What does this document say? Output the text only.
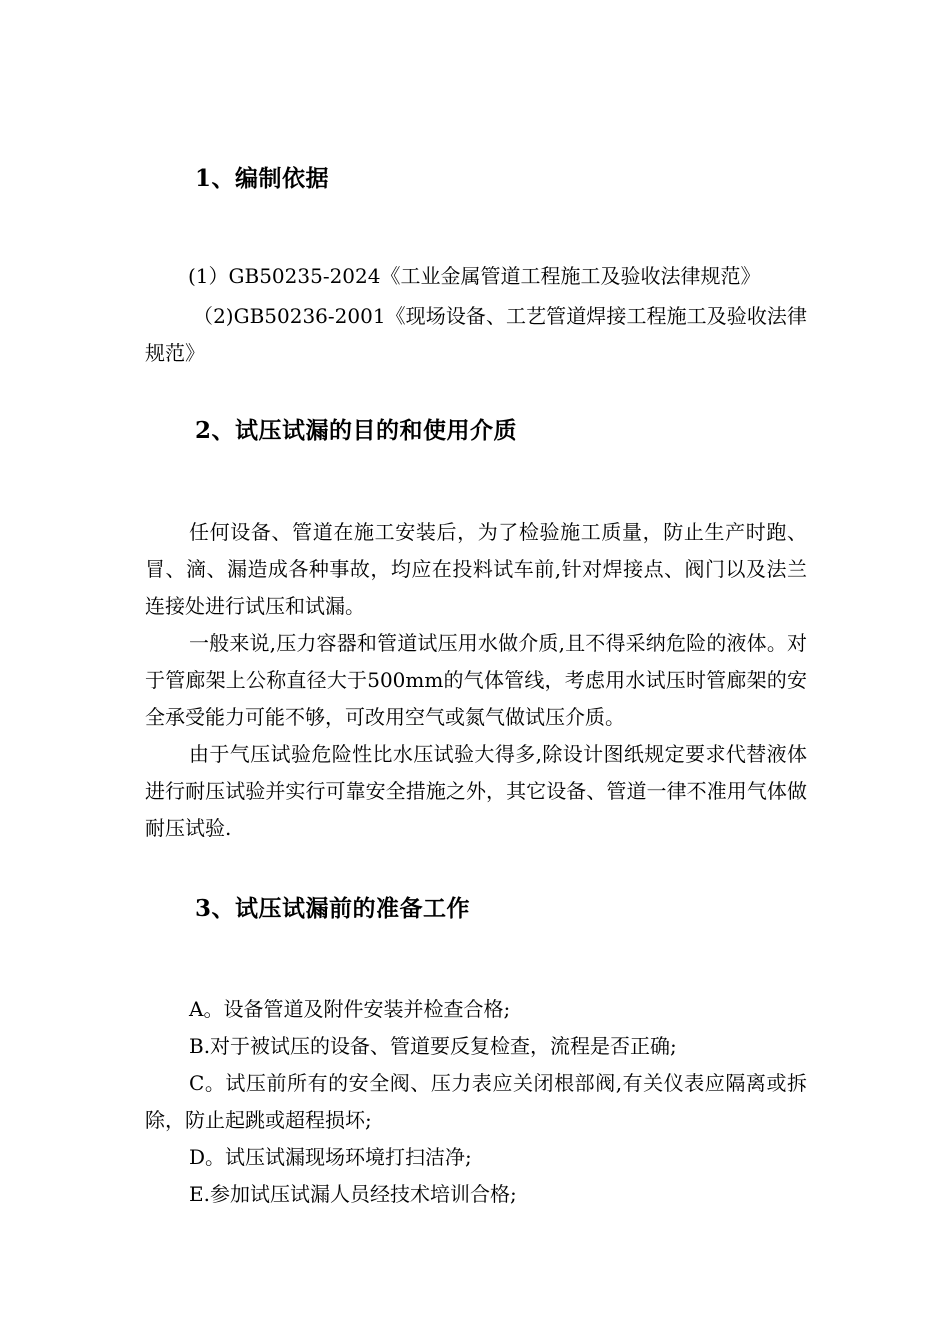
1、编制依据
(1）GB50235-2024《工业金属管道工程施工及验收法律规范》
（2)GB50236-2001《现场设备、工艺管道焊接工程施工及验收法律规范》
2、试压试漏的目的和使用介质
任何设备、管道在施工安装后，为了检验施工质量，防止生产时跑、冒、滴、漏造成各种事故，均应在投料试车前,针对焊接点、阀门以及法兰连接处进行试压和试漏。
一般来说,压力容器和管道试压用水做介质,且不得采纳危险的液体。对于管廊架上公称直径大于500mm的气体管线，考虑用水试压时管廊架的安全承受能力可能不够，可改用空气或氮气做试压介质。
由于气压试验危险性比水压试验大得多,除设计图纸规定要求代替液体进行耐压试验并实行可靠安全措施之外，其它设备、管道一律不准用气体做耐压试验.
3、试压试漏前的准备工作
A。设备管道及附件安装并检查合格;
B.对于被试压的设备、管道要反复检查，流程是否正确;
C。试压前所有的安全阀、压力表应关闭根部阀,有关仪表应隔离或拆除，防止起跳或超程损坏;
D。试压试漏现场环境打扫洁净;
E.参加试压试漏人员经技术培训合格;
